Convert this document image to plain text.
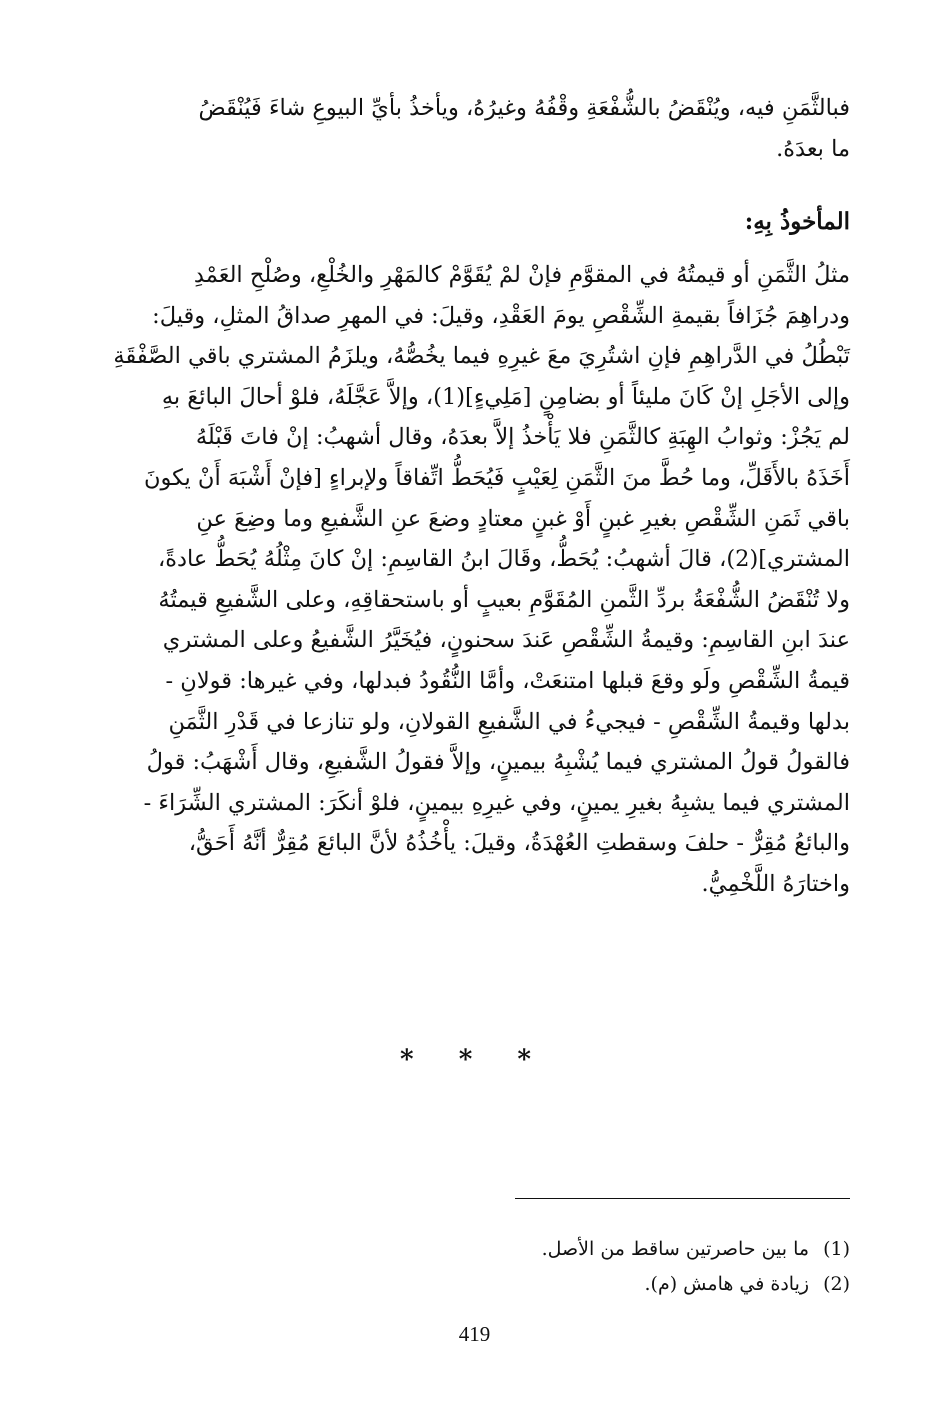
فبالثَّمَنِ فيه، ويُنْقَضُ بالشُّفْعَةِ وقْفُهُ وغيرُهُ، ويأخذُ بأيِّ البيوعِ شاءَ فَيُنْقَضُ
ما بعدَهُ.
المأخوذُ بِهِ:
مثلُ الثَّمَنِ أو قيمتُهُ في المقوَّمِ فإنْ لمْ يُقَوَّمْ كالمَهْرِ والخُلْعِ، وصُلْحِ العَمْدِ
ودراهِمَ جُزَافاً بقيمةِ الشِّقْصِ يومَ العَقْدِ، وقيلَ: في المهرِ صداقُ المثلِ، وقيلَ:
تَبْطُلُ في الدَّراهِمِ فإنِ اشتُرِيَ معَ غيرِهِ فيما يخُصُّهُ، ويلزَمُ المشتري باقي الصَّفْقَةِ
وإلى الأجَلِ إنْ كَانَ مليئاً أو بضامِنٍ [مَلِيءٍ](1)، وإلاَّ عَجَّلَهُ، فلوْ أحالَ البائعَ بهِ
لم يَجُزْ: وثوابُ الهِبَةِ كالثَّمَنِ فلا يَأْخذُ إلاَّ بعدَهُ، وقال أشهبُ: إنْ فاتَ قَبْلَهُ
أَخَذَهُ بالأَقَلِّ، وما حُطَّ منَ الثَّمَنِ لِعَيْبٍ فَيُحَطُّ اتِّفاقاً ولإبراءٍ [فإنْ أَشْبَهَ أَنْ يكونَ
باقي ثَمَنِ الشِّقْصِ بغيرِ غبنٍ أَوْ غبنٍ معتادٍ وضعَ عنِ الشَّفيعِ وما وضِعَ عنِ
المشتري](2)، قالَ أشهبُ: يُحَطُّ، وقَالَ ابنُ القاسِمِ: إنْ كانَ مِثْلُهُ يُحَطُّ عادةً،
ولا تُنْقَضُ الشُّفْعَةُ بردِّ الثَّمنِ المُقَوَّمِ بعيبٍ أو باستحقاقِهِ، وعلى الشَّفيعِ قيمتُهُ
عندَ ابنِ القاسِمِ: وقيمةُ الشِّقْصِ عَندَ سحنونٍ، فيُخَيَّرُ الشَّفيعُ وعلى المشتري
قيمةُ الشِّقْصِ ولَو وقعَ قبلها امتنعَتْ، وأمَّا النُّقُودُ فبدلها، وفي غيرها: قولانِ -
بدلها وقيمةُ الشِّقْصِ - فيجيءُ في الشَّفيعِ القولانِ، ولو تنازعا في قَدْرِ الثَّمَنِ
فالقولُ قولُ المشتري فيما يُشْبِهُ بيمينٍ، وإلاَّ فقولُ الشَّفيعِ، وقال أَشْهَبُ: قولُ
المشتري فيما يشبِهُ بغيرِ يمينٍ، وفي غيرِهِ بيمينٍ، فلوْ أنكَرَ: المشتري الشِّرَاءَ -
والبائعُ مُقِرٌّ - حلفَ وسقطتِ العُهْدَةُ، وقيلَ: يأْخُذُهُ لأنَّ البائعَ مُقِرٌّ أنَّهُ أَحَقُّ،
واختارَهُ اللَّخْمِيُّ.
* * *
(1)ما بين حاصرتين ساقط من الأصل.
(2)زيادة في هامش (م).
419
